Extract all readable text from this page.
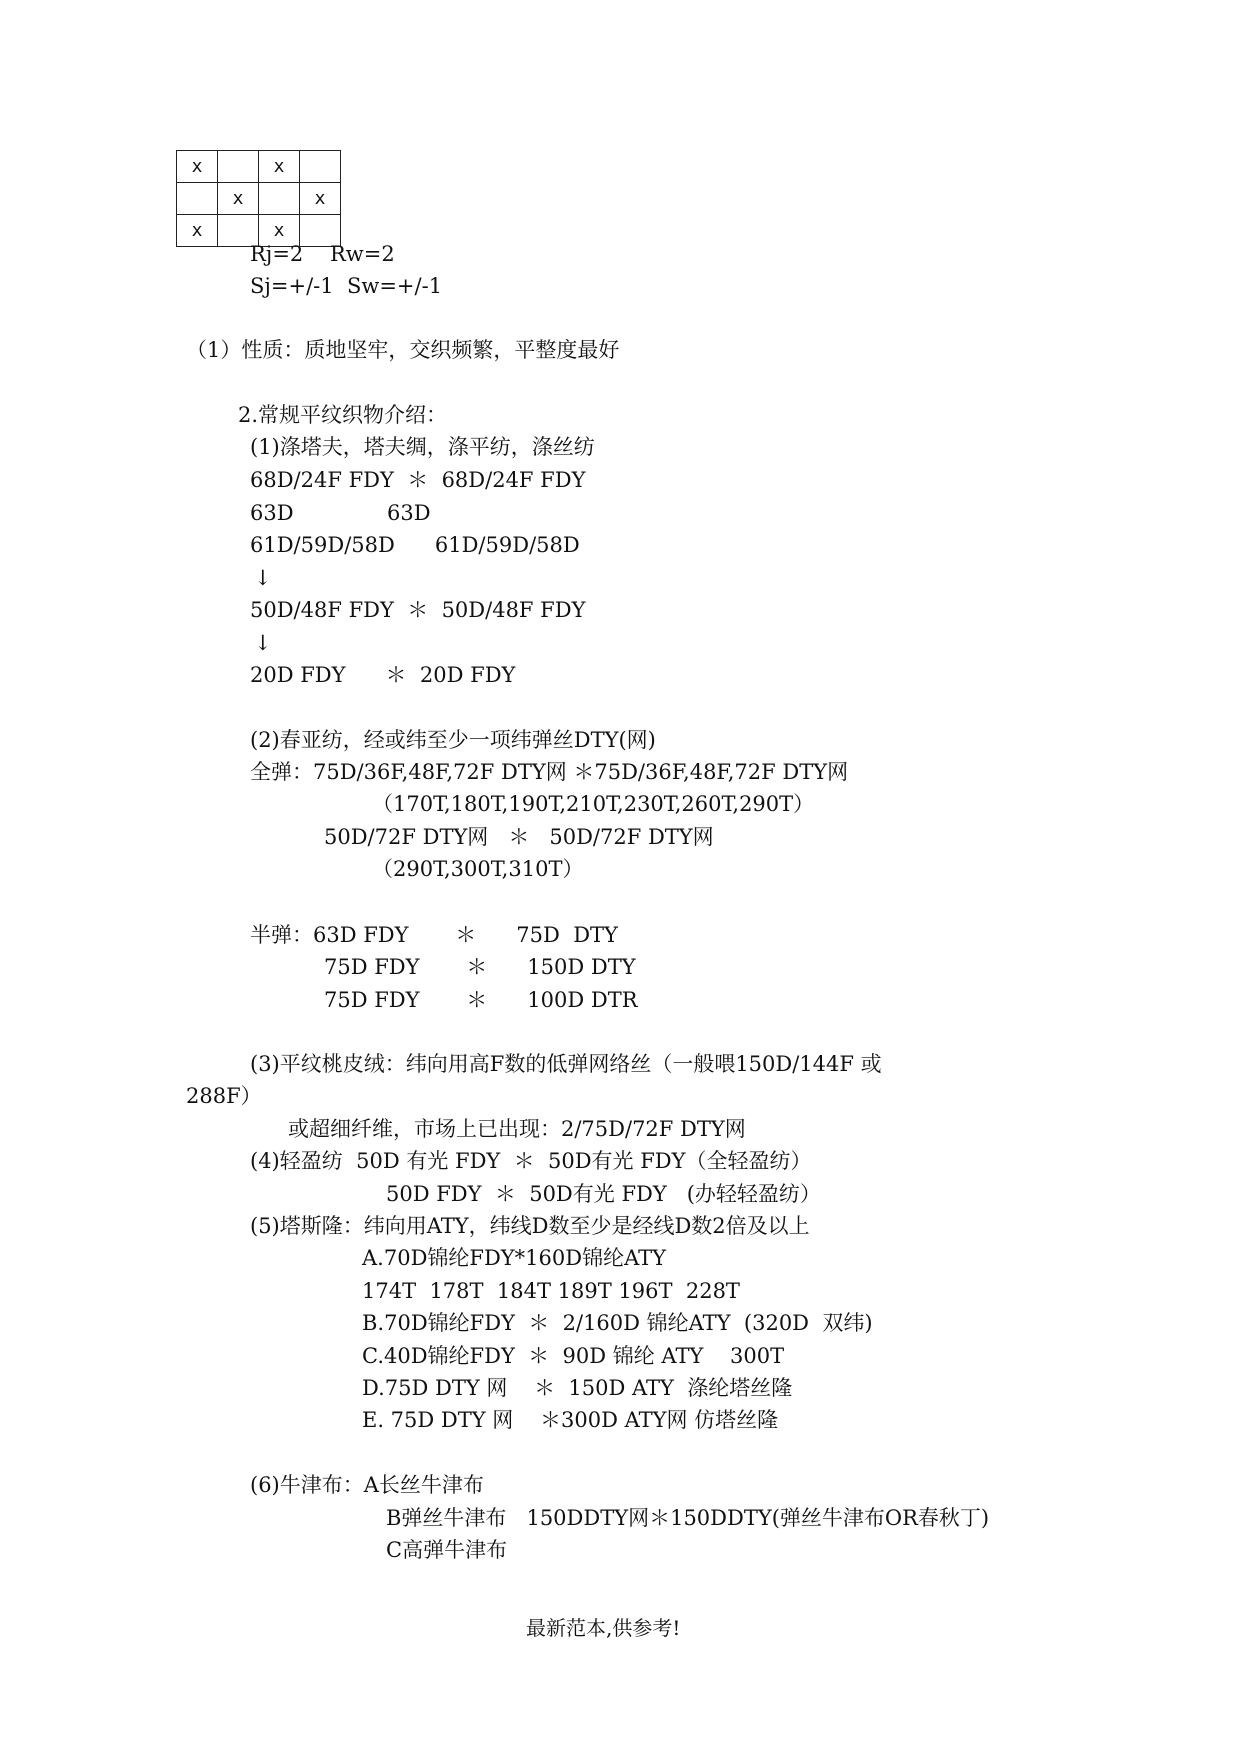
x		x	
	x		x
x		x	
Rj=2    Rw=2
Sj=+/-1  Sw=+/-1
（1）性质：质地坚牢，交织频繁，平整度最好
2.常规平纹织物介绍：
(1)涤塔夫，塔夫绸，涤平纺，涤丝纺
68D/24F FDY  ＊  68D/24F FDY
63D              63D
61D/59D/58D      61D/59D/58D
↓
50D/48F FDY  ＊  50D/48F FDY
↓
20D FDY      ＊  20D FDY
(2)春亚纺，经或纬至少一项纬弹丝DTY(网)
全弹：75D/36F,48F,72F DTY网 ＊75D/36F,48F,72F DTY网
（170T,180T,190T,210T,230T,260T,290T）
50D/72F DTY网   ＊   50D/72F DTY网
（290T,300T,310T）
半弹：63D FDY       ＊      75D  DTY
75D FDY       ＊      150D DTY
75D FDY       ＊      100D DTR
(3)平纹桃皮绒：纬向用高F数的低弹网络丝（一般喂150D/144F 或
288F）
或超细纤维，市场上已出现：2/75D/72F DTY网
(4)轻盈纺  50D 有光 FDY  ＊  50D有光 FDY（全轻盈纺）
50D FDY  ＊  50D有光 FDY   (办轻轻盈纺）
(5)塔斯隆：纬向用ATY，纬线D数至少是经线D数2倍及以上
A.70D锦纶FDY*160D锦纶ATY
174T  178T  184T 189T 196T  228T
B.70D锦纶FDY  ＊  2/160D 锦纶ATY  (320D  双纬)
C.40D锦纶FDY  ＊  90D 锦纶 ATY    300T
D.75D DTY 网    ＊  150D ATY  涤纶塔丝隆
E. 75D DTY 网    ＊300D ATY网 仿塔丝隆
(6)牛津布：A长丝牛津布
B弹丝牛津布   150DDTY网＊150DDTY(弹丝牛津布OR春秋丁)
C高弹牛津布
最新范本,供参考!
